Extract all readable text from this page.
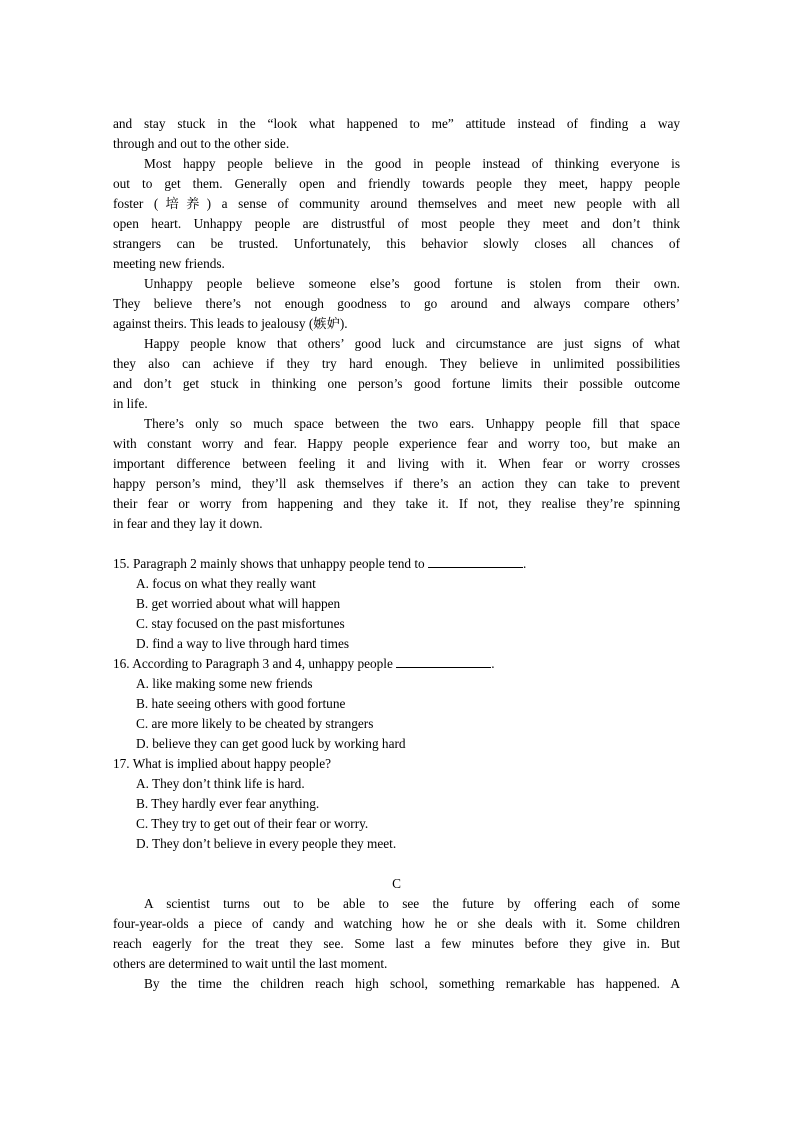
and stay stuck in the “look what happened to me” attitude instead of finding a way
through and out to the other side.
Most happy people believe in the good in people instead of thinking everyone is
out to get them. Generally open and friendly towards people they meet, happy people
foster (培养) a sense of community around themselves and meet new people with all
open heart. Unhappy people are distrustful of most people they meet and don’t think
strangers can be trusted. Unfortunately, this behavior slowly closes all chances of
meeting new friends.
Unhappy people believe someone else’s good fortune is stolen from their own.
They believe there’s not enough goodness to go around and always compare others’
against theirs. This leads to jealousy (嫉妒).
Happy people know that others’ good luck and circumstance are just signs of what
they also can achieve if they try hard enough. They believe in unlimited possibilities
and don’t get stuck in thinking one person’s good fortune limits their possible outcome
in life.
There’s only so much space between the two ears. Unhappy people fill that space
with constant worry and fear. Happy people experience fear and worry too, but make an
important difference between feeling it and living with it. When fear or worry crosses
happy person’s mind, they’ll ask themselves if there’s an action they can take to prevent
their fear or worry from happening and they take it. If not, they realise they’re spinning
in fear and they lay it down.
15. Paragraph 2 mainly shows that unhappy people tend to	.
A. focus on what they really want
B. get worried about what will happen
C. stay focused on the past misfortunes
D. find a way to live through hard times
16. According to Paragraph 3 and 4, unhappy people	.
A. like making some new friends
B. hate seeing others with good fortune
C. are more likely to be cheated by strangers
D. believe they can get good luck by working hard
17. What is implied about happy people?
A. They don’t think life is hard.
B. They hardly ever fear anything.
C. They try to get out of their fear or worry.
D. They don’t believe in every people they meet.
C
A scientist turns out to be able to see the future by offering each of some
four-year-olds a piece of candy and watching how he or she deals with it. Some children
reach eagerly for the treat they see. Some last a few minutes before they give in. But
others are determined to wait until the last moment.
By the time the children reach high school, something remarkable has happened. A
